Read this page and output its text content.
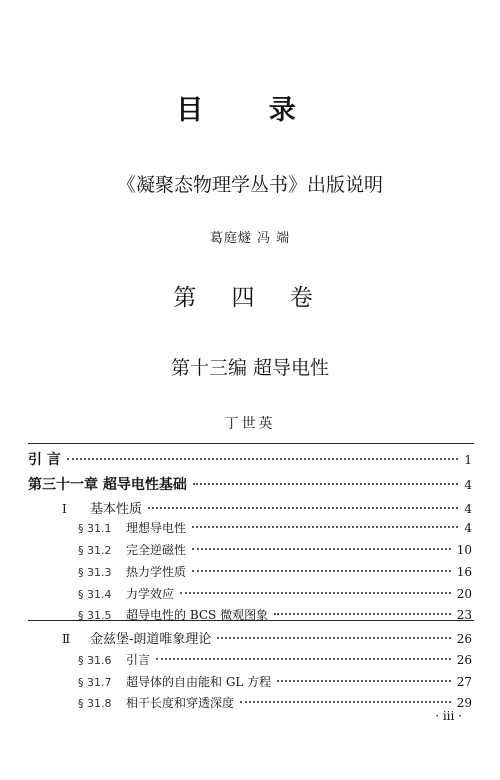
目 录
《凝聚态物理学丛书》出版说明
葛庭燧 冯 端
第 四 卷
第十三编 超导电性
丁世英
引 言	1
第三十一章 超导电性基础	4
Ⅰ	基本性质	4
§ 31.1	理想导电性	4
§ 31.2	完全逆磁性	10
§ 31.3	热力学性质	16
§ 31.4	力学效应	20
§ 31.5	超导电性的 BCS 微观图象	23
Ⅱ	金兹堡-朗道唯象理论	26
§ 31.6	引言	26
§ 31.7	超导体的自由能和 GL 方程	27
§ 31.8	相干长度和穿透深度	29
· iii ·
